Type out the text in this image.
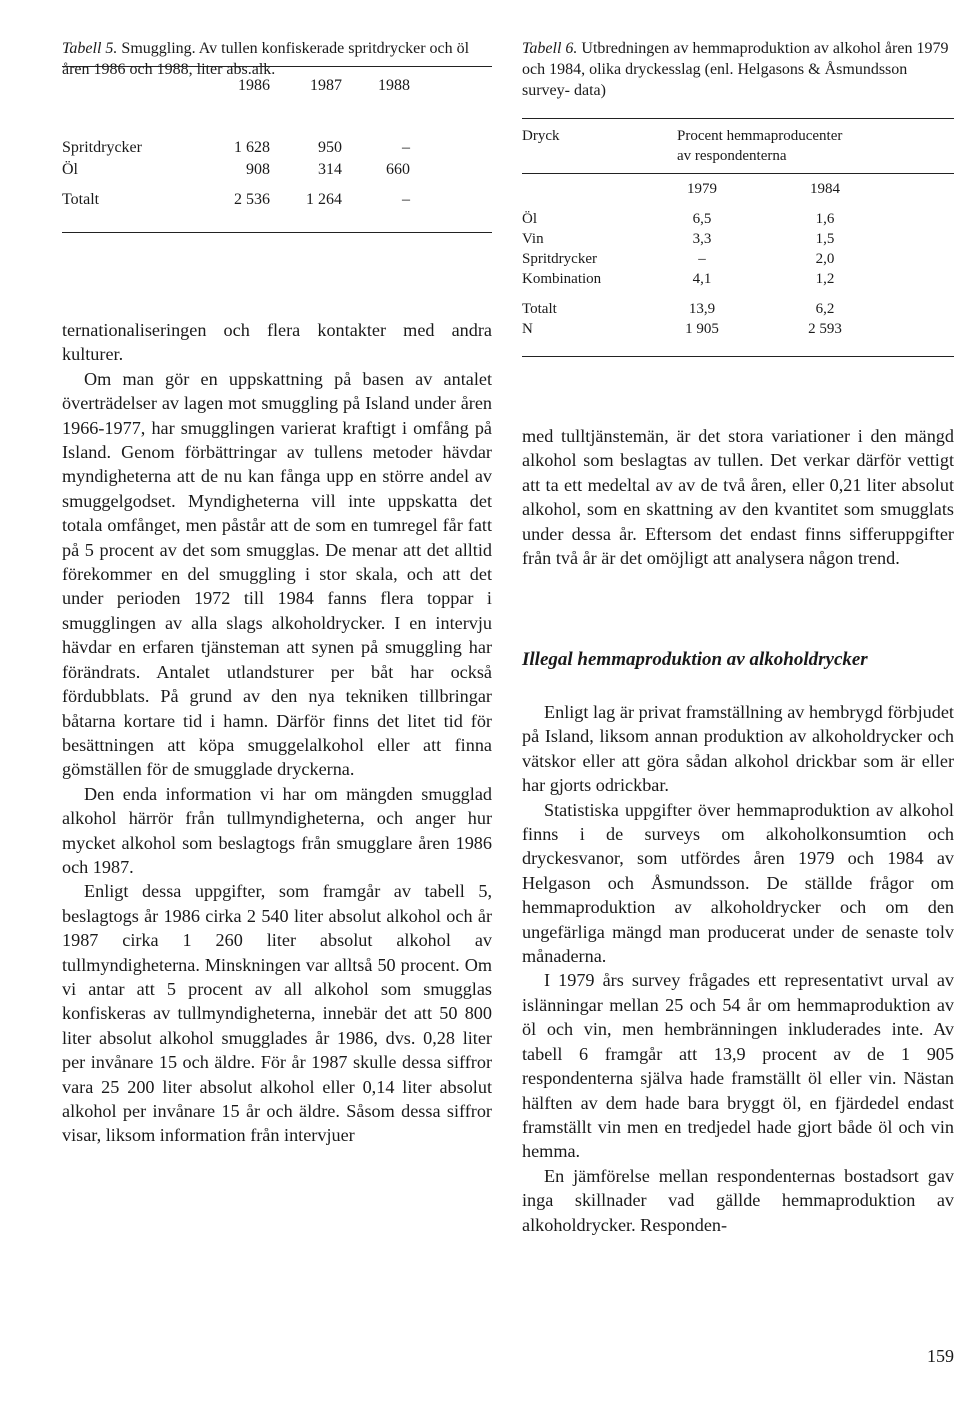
Tabell 5. Smuggling. Av tullen konfiskerade spritdrycker och öl åren 1986 och 1988, liter abs.alk.

1986	1987	1988
Spritdrycker	1 628	950	–
Öl	908	314	660
Totalt	2 536	1 264	–

ternationaliseringen och flera kontakter med andra kulturer.

Om man gör en uppskattning på basen av antalet överträdelser av lagen mot smuggling på Island under åren 1966-1977, har smugglingen varierat kraftigt i omfång på Island. Genom förbättringar av tullens metoder hävdar myndigheterna att de nu kan fånga upp en större andel av smuggelgodset. Myndigheterna vill inte uppskatta det totala omfånget, men påstår att de som en tumregel får fatt på 5 procent av det som smugglas. De menar att det alltid förekommer en del smuggling i stor skala, och att det under perioden 1972 till 1984 fanns flera toppar i smugglingen av alla slags alkoholdrycker. I en intervju hävdar en erfaren tjänsteman att synen på smuggling har förändrats. Antalet utlandsturer per båt har också fördubblats. På grund av den nya tekniken tillbringar båtarna kortare tid i hamn. Därför finns det litet tid för besättningen att köpa smuggelalkohol eller att finna gömställen för de smugglade dryckerna.

Den enda information vi har om mängden smugglad alkohol härrör från tullmyndigheterna, och anger hur mycket alkohol som beslagtogs från smugglare åren 1986 och 1987.

Enligt dessa uppgifter, som framgår av tabell 5, beslagtogs år 1986 cirka 2 540 liter absolut alkohol och år 1987 cirka 1 260 liter absolut alkohol av tullmyndigheterna. Minskningen var alltså 50 procent. Om vi antar att 5 procent av all alkohol som smugglas konfiskeras av tullmyndigheterna, innebär det att 50 800 liter absolut alkohol smugglades år 1986, dvs. 0,28 liter per invånare 15 och äldre. För år 1987 skulle dessa siffror vara 25 200 liter absolut alkohol eller 0,14 liter absolut alkohol per invånare 15 år och äldre. Såsom dessa siffror visar, liksom information från intervjuer

Tabell 6. Utbredningen av hemmaproduktion av alkohol åren 1979 och 1984, olika dryckesslag (enl. Helgasons & Åsmundsson survey- data)

Dryck	Procent hemmaproducenter
av respondenterna
1979	1984
Öl	6,5	1,6
Vin	3,3	1,5
Spritdrycker	–	2,0
Kombination	4,1	1,2
Totalt	13,9	6,2
N	1 905	2 593

med tulltjänstemän, är det stora variationer i den mängd alkohol som beslagtas av tullen. Det verkar därför vettigt att ta ett medeltal av av de två åren, eller 0,21 liter absolut alkohol, som en skattning av den kvantitet som smugglats under dessa år. Eftersom det endast finns sifferuppgifter från två år är det omöjligt att analysera någon trend.

Illegal hemmaproduktion av alkoholdrycker

Enligt lag är privat framställning av hembrygd förbjudet på Island, liksom annan produktion av alkoholdrycker och vätskor eller att göra sådan alkohol drickbar som är eller har gjorts odrickbar.

Statistiska uppgifter över hemmaproduktion av alkohol finns i de surveys om alkoholkonsumtion och dryckesvanor, som utfördes åren 1979 och 1984 av Helgason och Åsmundsson. De ställde frågor om hemmaproduktion av alkoholdrycker och om den ungefärliga mängd man producerat under de senaste tolv månaderna.

I 1979 års survey frågades ett representativt urval av islänningar mellan 25 och 54 år om hemmaproduktion av öl och vin, men hembränningen inkluderades inte. Av tabell 6 framgår att 13,9 procent av de 1 905 respondenterna själva hade framställt öl eller vin. Nästan hälften av dem hade bara bryggt öl, en fjärdedel endast framställt vin men en tredjedel hade gjort både öl och vin hemma.

En jämförelse mellan respondenternas bostadsort gav inga skillnader vad gällde hemmaproduktion av alkoholdrycker. Responden-

159
